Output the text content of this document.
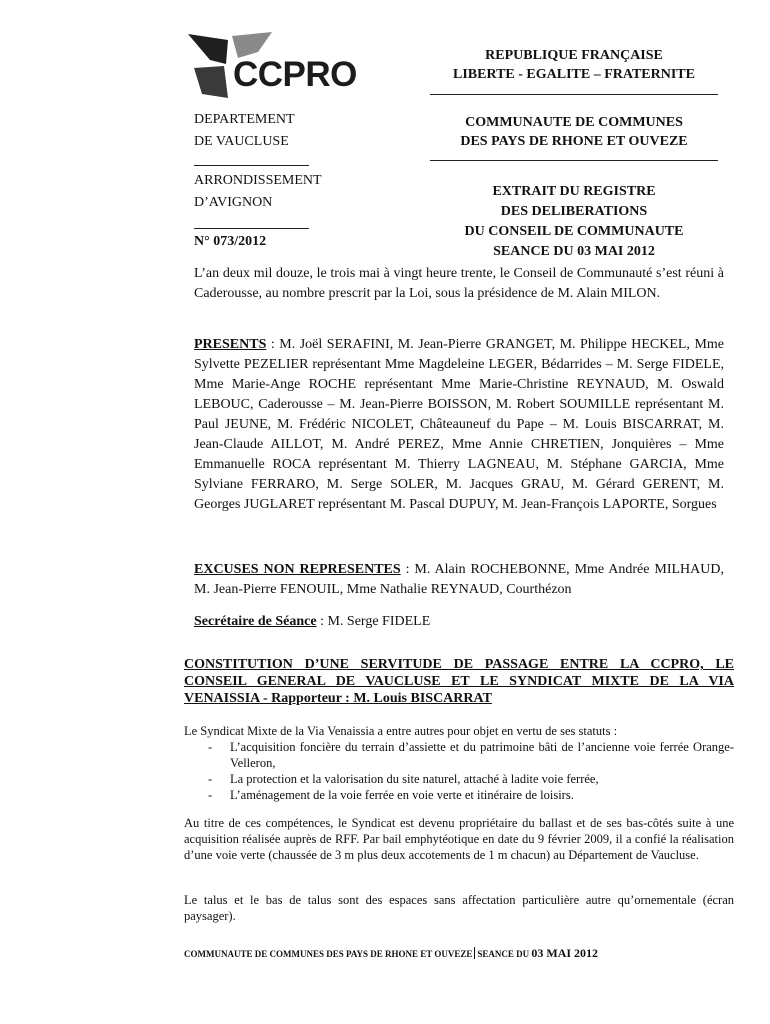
CCPRO	REPUBLIQUE FRANÇAISE
LIBERTE - EGALITE – FRATERNITE
COMMUNAUTE DE COMMUNES
DES PAYS DE RHONE ET OUVEZE
EXTRAIT DU REGISTRE
DES DELIBERATIONS
DU CONSEIL DE COMMUNAUTE
SEANCE DU 03 MAI 2012
DEPARTEMENT
DE VAUCLUSE
ARRONDISSEMENT
D’AVIGNON
N° 073/2012
L’an deux mil douze, le trois mai à vingt heure trente, le Conseil de Communauté s’est réuni à Caderousse, au nombre prescrit par la Loi, sous la présidence de M. Alain MILON.
PRESENTS : M. Joël SERAFINI, M. Jean-Pierre GRANGET, M. Philippe HECKEL, Mme Sylvette PEZELIER représentant Mme Magdeleine LEGER, Bédarrides – M. Serge FIDELE, Mme Marie-Ange ROCHE représentant Mme Marie-Christine REYNAUD, M. Oswald LEBOUC, Caderousse – M. Jean-Pierre BOISSON, M. Robert SOUMILLE représentant M. Paul JEUNE, M. Frédéric NICOLET, Châteauneuf du Pape – M. Louis BISCARRAT, M. Jean-Claude AILLOT, M. André PEREZ, Mme Annie CHRETIEN, Jonquières – Mme Emmanuelle ROCA représentant M. Thierry LAGNEAU, M. Stéphane GARCIA, Mme Sylviane FERRARO, M. Serge SOLER, M. Jacques GRAU, M. Gérard GERENT, M. Georges JUGLARET représentant M. Pascal DUPUY, M. Jean-François LAPORTE, Sorgues
EXCUSES NON REPRESENTES : M. Alain ROCHEBONNE, Mme Andrée MILHAUD, M. Jean-Pierre FENOUIL, Mme Nathalie REYNAUD, Courthézon
Secrétaire de Séance : M. Serge FIDELE
CONSTITUTION D’UNE SERVITUDE DE PASSAGE ENTRE LA CCPRO, LE CONSEIL GENERAL DE VAUCLUSE ET LE SYNDICAT MIXTE DE LA VIA VENAISSIA - Rapporteur : M. Louis BISCARRAT
Le Syndicat Mixte de la Via Venaissia a entre autres pour objet en vertu de ses statuts :
- L’acquisition foncière du terrain d’assiette et du patrimoine bâti de l’ancienne voie ferrée Orange-Velleron,
- La protection et la valorisation du site naturel, attaché à ladite voie ferrée,
- L’aménagement de la voie ferrée en voie verte et itinéraire de loisirs.
Au titre de ces compétences, le Syndicat est devenu propriétaire du ballast et de ses bas-côtés suite à une acquisition réalisée auprès de RFF. Par bail emphytéotique en date du 9 février 2009, il a confié la réalisation d’une voie verte (chaussée de 3 m plus deux accotements de 1 m chacun) au Département de Vaucluse.
Le talus et le bas de talus sont des espaces sans affectation particulière autre qu’ornementale (écran paysager).
COMMUNAUTE DE COMMUNES DES PAYS DE RHONE ET OUVEZE SEANCE DU 03 MAI 2012
